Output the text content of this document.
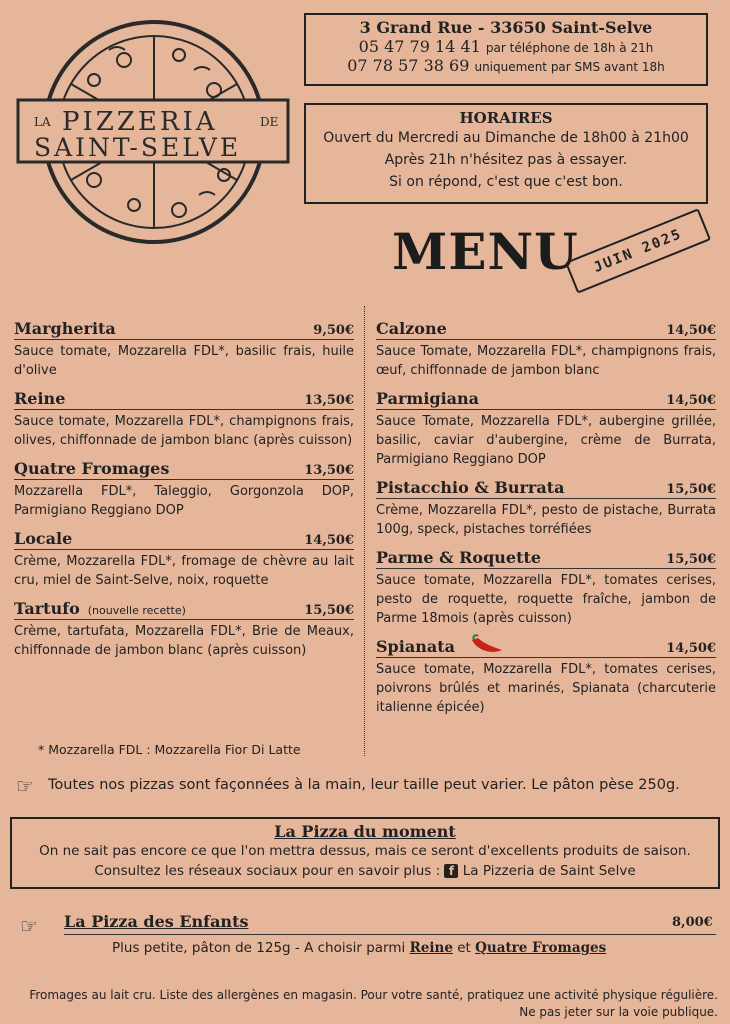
LA PIZZERIA	DE
SAINT-SELVE
3 Grand Rue - 33650 Saint-Selve
05 47 79 14 41 par téléphone de 18h à 21h
07 78 57 38 69 uniquement par SMS avant 18h
HORAIRES
Ouvert du Mercredi au Dimanche de 18h00 à 21h00
Après 21h n'hésitez pas à essayer.
Si on répond, c'est que c'est bon.
MENU JUIN 2025
Margherita	9,50€
Sauce tomate, Mozzarella FDL*, basilic frais, huile d'olive
Reine	13,50€
Sauce tomate, Mozzarella FDL*, champignons frais, olives, chiffonnade de jambon blanc (après cuisson)
Quatre Fromages	13,50€
Mozzarella FDL*, Taleggio, Gorgonzola DOP, Parmigiano Reggiano DOP
Locale	14,50€
Crème, Mozzarella FDL*, fromage de chèvre au lait cru, miel de Saint-Selve, noix, roquette
Tartufo (nouvelle recette)	15,50€
Crème, tartufata, Mozzarella FDL*, Brie de Meaux, chiffonnade de jambon blanc (après cuisson)
Calzone	14,50€
Sauce Tomate, Mozzarella FDL*, champignons frais, œuf, chiffonnade de jambon blanc
Parmigiana	14,50€
Sauce Tomate, Mozzarella FDL*, aubergine grillée, basilic, caviar d'aubergine, crème de Burrata, Parmigiano Reggiano DOP
Pistacchio & Burrata	15,50€
Crème, Mozzarella FDL*, pesto de pistache, Burrata 100g, speck, pistaches torréfiées
Parme & Roquette	15,50€
Sauce tomate, Mozzarella FDL*, tomates cerises, pesto de roquette, roquette fraîche, jambon de Parme 18mois (après cuisson)
Spianata	14,50€
Sauce tomate, Mozzarella FDL*, tomates cerises, poivrons brûlés et marinés, Spianata (charcuterie italienne épicée)
* Mozzarella FDL : Mozzarella Fior Di Latte
☞ Toutes nos pizzas sont façonnées à la main, leur taille peut varier. Le pâton pèse 250g.
La Pizza du moment
On ne sait pas encore ce que l'on mettra dessus, mais ce seront d'excellents produits de saison.
Consultez les réseaux sociaux pour en savoir plus : f La Pizzeria de Saint Selve
☞ La Pizza des Enfants	8,00€
Plus petite, pâton de 125g - A choisir parmi Reine et Quatre Fromages
Fromages au lait cru. Liste des allergènes en magasin. Pour votre santé, pratiquez une activité physique régulière.
Ne pas jeter sur la voie publique.
